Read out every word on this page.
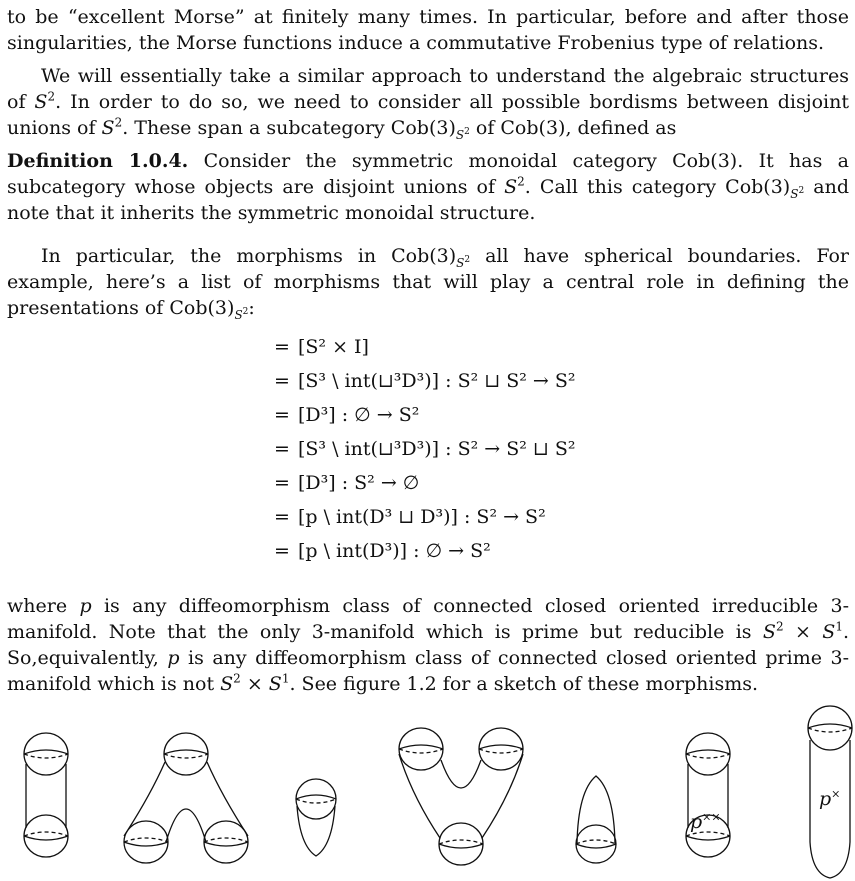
to be “excellent Morse” at finitely many times. In particular, before and after those singularities, the Morse functions induce a commutative Frobenius type of relations.

We will essentially take a similar approach to understand the algebraic structures of $S^2$. In order to do so, we need to consider all possible bordisms between disjoint unions of $S^2$. These span a subcategory $Cob(3)_{S^2}$ of Cob(3), defined as

Definition 1.0.4. Consider the symmetric monoidal category Cob(3). It has a subcategory whose objects are disjoint unions of $S^2$. Call this category $Cob(3)_{S^2}$ and note that it inherits the symmetric monoidal structure.

In particular, the morphisms in $Cob(3)_{S^2}$ all have spherical boundaries. For example, here’s a list of morphisms that will play a central role in defining the presentations of $Cob(3)_{S^2}$:

= [S² × I]
= [S³ \ int(⊔³D³)] : S² ⊔ S² → S²
= [D³] : ∅ → S²
= [S³ \ int(⊔³D³)] : S² → S² ⊔ S²
= [D³] : S² → ∅
= [p \ int(D³ ⊔ D³)] : S² → S²
= [p \ int(D³)] : ∅ → S²

where p is any diffeomorphism class of connected closed oriented irreducible 3-manifold. Note that the only 3-manifold which is prime but reducible is $S^2 \times S^1$. So,equivalently, p is any diffeomorphism class of connected closed oriented prime 3-manifold which is not $S^2 \times S^1$. See figure 1.2 for a sketch of these morphisms.

p××
p×
